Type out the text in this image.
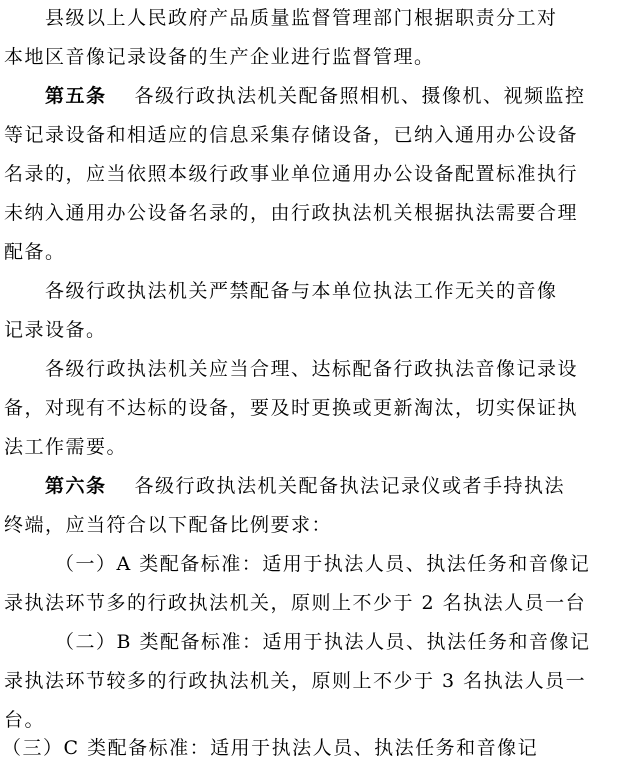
县级以上人民政府产品质量监督管理部门根据职责分工对
本地区音像记录设备的生产企业进行监督管理。
第五条 各级行政执法机关配备照相机、摄像机、视频监控
等记录设备和相适应的信息采集存储设备，已纳入通用办公设备
名录的，应当依照本级行政事业单位通用办公设备配置标准执行
未纳入通用办公设备名录的，由行政执法机关根据执法需要合理
配备。
各级行政执法机关严禁配备与本单位执法工作无关的音像
记录设备。
各级行政执法机关应当合理、达标配备行政执法音像记录设
备，对现有不达标的设备，要及时更换或更新淘汰，切实保证执
法工作需要。
第六条 各级行政执法机关配备执法记录仪或者手持执法
终端，应当符合以下配备比例要求：
（一）A 类配备标准：适用于执法人员、执法任务和音像记
录执法环节多的行政执法机关，原则上不少于 2 名执法人员一台
（二）B 类配备标准：适用于执法人员、执法任务和音像记
录执法环节较多的行政执法机关，原则上不少于 3 名执法人员一
台。
（三）C 类配备标准：适用于执法人员、执法任务和音像记
